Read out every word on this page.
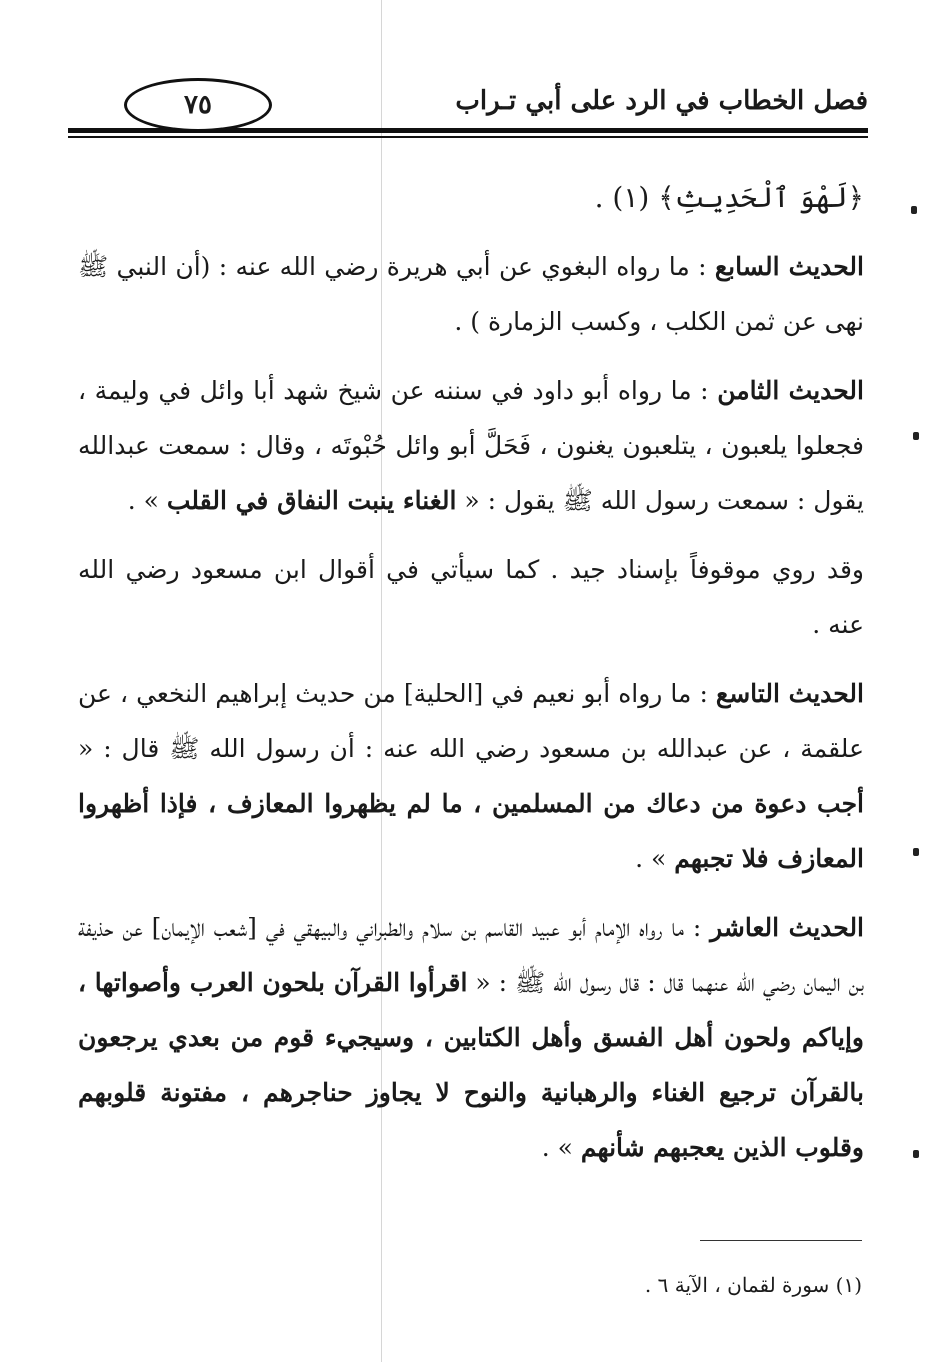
فصل الخطاب في الرد على أبي تـراب
٧٥

﴿لَهْوَ ٱلْحَدِيثِ﴾ (١) .

الحديث السابع : ما رواه البغوي عن أبي هريرة رضي الله عنه : (أن النبي ﷺ نهى عن ثمن الكلب ، وكسب الزمارة ) .

الحديث الثامن : ما رواه أبو داود في سننه عن شيخ شهد أبا وائل في وليمة ، فجعلوا يلعبون ، يتلعبون يغنون ، فَحَلَّ أبو وائل حُبْوتَه ، وقال : سمعت عبدالله يقول : سمعت رسول الله ﷺ يقول : « الغناء ينبت النفاق في القلب » .

وقد روي موقوفاً بإسناد جيد . كما سيأتي في أقوال ابن مسعود رضي الله عنه .

الحديث التاسع : ما رواه أبو نعيم في [الحلية] من حديث إبراهيم النخعي ، عن علقمة ، عن عبدالله بن مسعود رضي الله عنه : أن رسول الله ﷺ قال : « أجب دعوة من دعاك من المسلمين ، ما لم يظهروا المعازف ، فإذا أظهروا المعازف فلا تجبهم » .

الحديث العاشر : ما رواه الإمام أبو عبيد القاسم بن سلام والطبراني والبيهقي في [شعب الإيمان] عن حذيفة بن اليمان رضي الله عنهما قال : قال رسول الله ﷺ : « اقرأوا القرآن بلحون العرب وأصواتها ، وإياكم ولحون أهل الفسق وأهل الكتابين ، وسيجيء قوم من بعدي يرجعون بالقرآن ترجيع الغناء والرهبانية والنوح لا يجاوز حناجرهم ، مفتونة قلوبهم وقلوب الذين يعجبهم شأنهم » .

(١) سورة لقمان ، الآية ٦ .
